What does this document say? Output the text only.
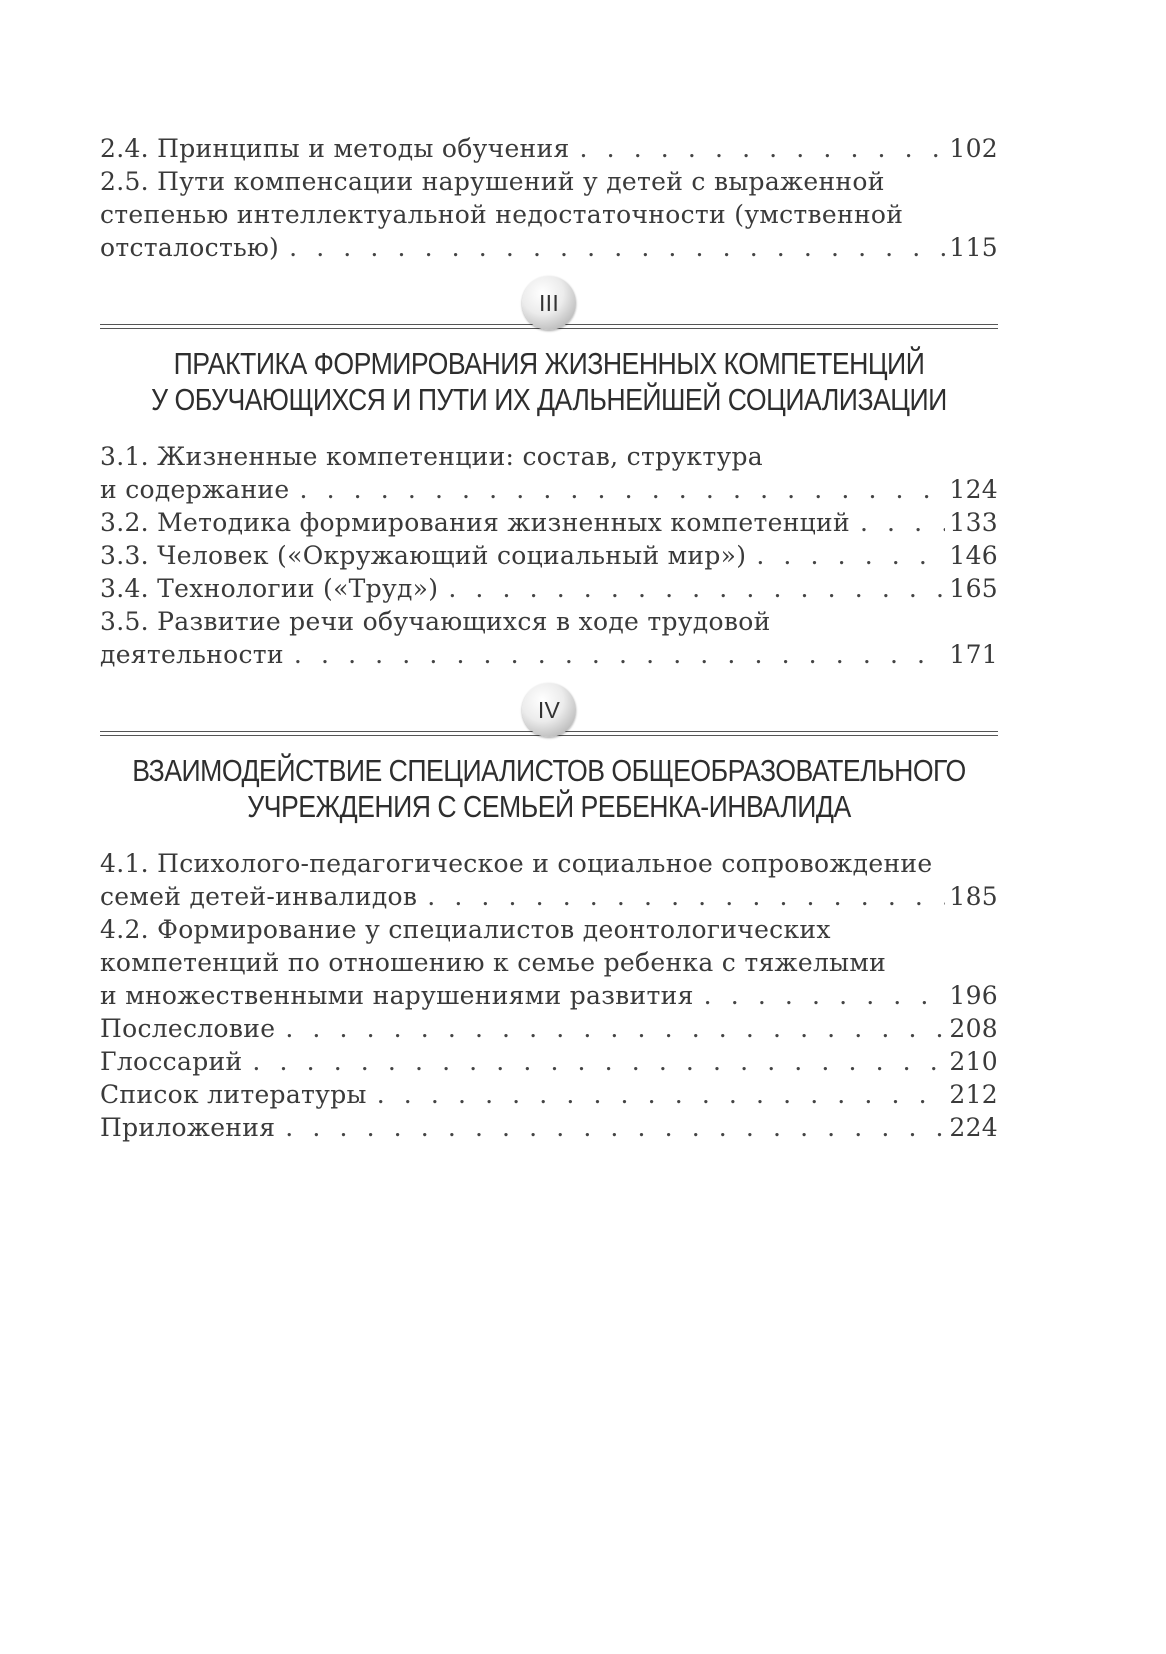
2.4. Принципы и методы обучения . . .	102
2.5. Пути компенсации нарушений у детей с выраженной
степенью интеллектуальной недостаточности (умственной
отсталостью) . . .	115
III
ПРАКТИКА ФОРМИРОВАНИЯ ЖИЗНЕННЫХ КОМПЕТЕНЦИЙ
У ОБУЧАЮЩИХСЯ И ПУТИ ИХ ДАЛЬНЕЙШЕЙ СОЦИАЛИЗАЦИИ
3.1. Жизненные компетенции: состав, структура
и содержание . . .	124
3.2. Методика формирования жизненных компетенций . . .	133
3.3. Человек («Окружающий социальный мир») . . .	146
3.4. Технологии («Труд») . . .	165
3.5. Развитие речи обучающихся в ходе трудовой
деятельности . . .	171
IV
ВЗАИМОДЕЙСТВИЕ СПЕЦИАЛИСТОВ ОБЩЕОБРАЗОВАТЕЛЬНОГО
УЧРЕЖДЕНИЯ С СЕМЬЕЙ РЕБЕНКА-ИНВАЛИДА
4.1. Психолого-педагогическое и социальное сопровождение
семей детей-инвалидов . . .	185
4.2. Формирование у специалистов деонтологических
компетенций по отношению к семье ребенка с тяжелыми
и множественными нарушениями развития . . .	196
Послесловие . . .	208
Глоссарий . . .	210
Список литературы . . .	212
Приложения . . .	224
